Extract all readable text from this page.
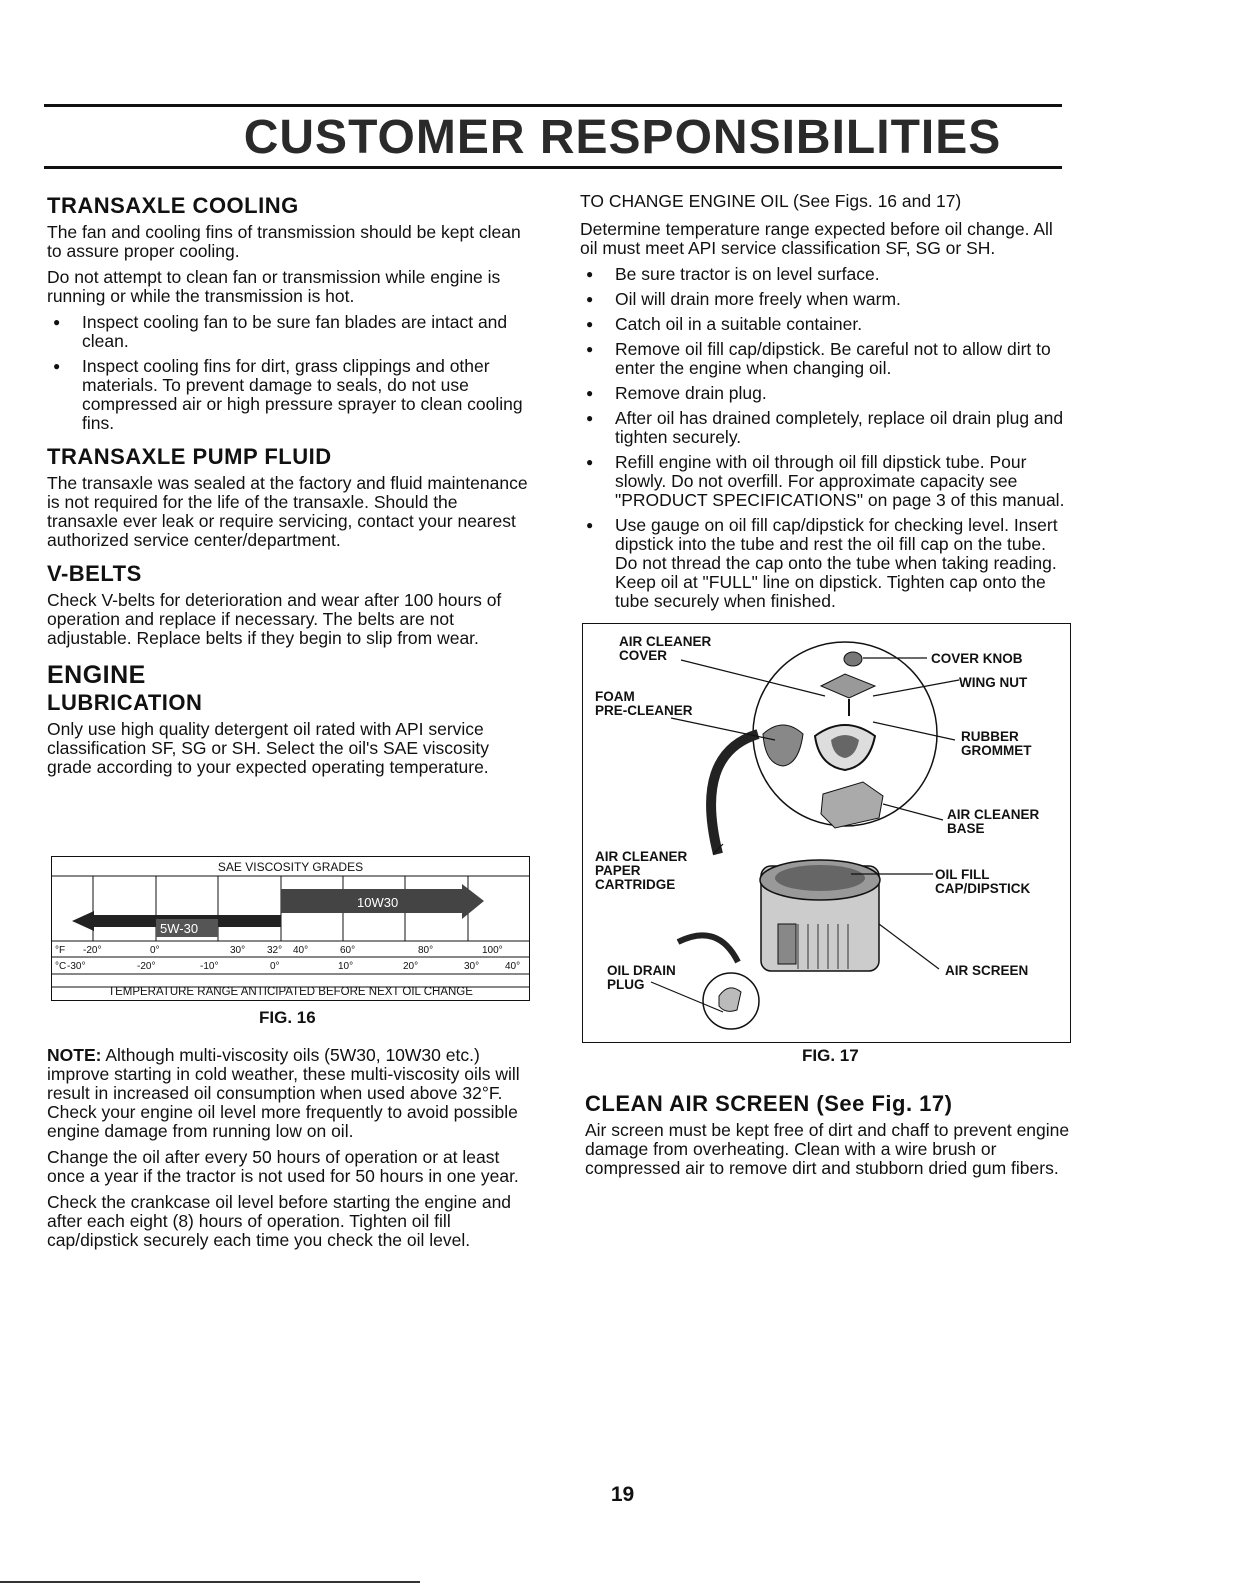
CUSTOMER RESPONSIBILITIES
TRANSAXLE COOLING

The fan and cooling fins of transmission should be kept clean to assure proper cooling.

Do not attempt to clean fan or transmission while engine is running or while the transmission is hot.

● Inspect cooling fan to be sure fan blades are intact and clean.
● Inspect cooling fins for dirt, grass clippings and other materials. To prevent damage to seals, do not use compressed air or high pressure sprayer to clean cooling fins.
TRANSAXLE PUMP FLUID

The transaxle was sealed at the factory and fluid maintenance is not required for the life of the transaxle. Should the transaxle ever leak or require servicing, contact your nearest authorized service center/department.

V-BELTS

Check V-belts for deterioration and wear after 100 hours of operation and replace if necessary. The belts are not adjustable. Replace belts if they begin to slip from wear.

ENGINE
LUBRICATION

Only use high quality detergent oil rated with API service classification SF, SG or SH. Select the oil's SAE viscosity grade according to your expected operating temperature.

SAE VISCOSITY GRADES
10W30
5W-30
°F -20°	0°	30° 32° 40°	60°	80°	100°
°C -30°	-20°	-10°	0°	10°	20°	30°	40°
TEMPERATURE RANGE ANTICIPATED BEFORE NEXT OIL CHANGE
FIG. 16

NOTE: Although multi-viscosity oils (5W30, 10W30 etc.) improve starting in cold weather, these multi-viscosity oils will result in increased oil consumption when used above 32°F. Check your engine oil level more frequently to avoid possible engine damage from running low on oil.

Change the oil after every 50 hours of operation or at least once a year if the tractor is not used for 50 hours in one year.

Check the crankcase oil level before starting the engine and after each eight (8) hours of operation. Tighten oil fill cap/dipstick securely each time you check the oil level.

TO CHANGE ENGINE OIL (See Figs. 16 and 17)

Determine temperature range expected before oil change. All oil must meet API service classification SF, SG or SH.

● Be sure tractor is on level surface.
● Oil will drain more freely when warm.
● Catch oil in a suitable container.
● Remove oil fill cap/dipstick. Be careful not to allow dirt to enter the engine when changing oil.
● Remove drain plug.
● After oil has drained completely, replace oil drain plug and tighten securely.
● Refill engine with oil through oil fill dipstick tube. Pour slowly. Do not overfill. For approximate capacity see "PRODUCT SPECIFICATIONS" on page 3 of this manual.
● Use gauge on oil fill cap/dipstick for checking level. Insert dipstick into the tube and rest the oil fill cap on the tube. Do not thread the cap onto the tube when taking reading. Keep oil at "FULL" line on dipstick. Tighten cap onto the tube securely when finished.
AIR CLEANER
COVER	COVER KNOB
WING NUT
FOAM
PRE-CLEANER
RUBBER
GROMMET
AIR CLEANER
BASE
AIR CLEANER
PAPER
CARTRIDGE
OIL FILL
CAP/DIPSTICK
OIL DRAIN
PLUG
AIR SCREEN
FIG. 17
CLEAN AIR SCREEN (See Fig. 17)

Air screen must be kept free of dirt and chaff to prevent engine damage from overheating. Clean with a wire brush or compressed air to remove dirt and stubborn dried gum fibers.

19
